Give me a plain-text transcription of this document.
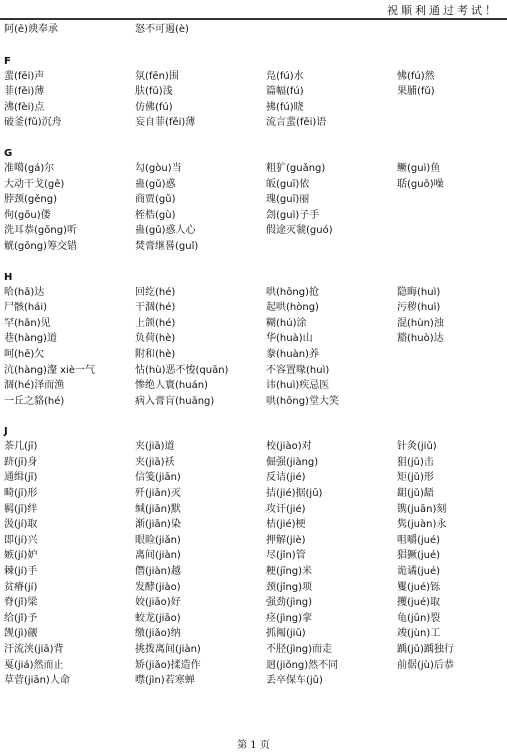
祝顺利通过考试！
阿(ē)谀奉承	怒不可遏(è)
F
蜚(fēi)声	氛(fēn)围	凫(fú)水	怫(fú)然
菲(fěi)薄	肤(fū)浅	篇幅(fú)	果脯(fǔ)
沸(fèi)点	仿佛(fú)	拂(fú)晓
破釜(fǔ)沉舟	妄自菲(fěi)薄	流言蜚(fēi)语
G
准噶(gá)尔	勾(gòu)当	粗犷(guǎng)	鳜(guì)鱼
大动干戈(gē)	蛊(gǔ)惑	皈(guī)依	聒(guō)噪
脖颈(gěng)	商贾(gǔ)	瑰(guī)丽
佝(gōu)偻	桎梏(gù)	刽(guì)子手
洗耳恭(gōng)听	蛊(gǔ)惑人心	假途灭虢(guó)
觥(gōng)筹交错	焚膏继晷(guǐ)
H
哈(hǎ)达	回纥(hé)	哄(hōng)抢	隐晦(huì)
尸骸(hái)	干涸(hé)	起哄(hòng)	污秽(huì)
罕(hǎn)见	上颌(hé)	糊(hú)涂	混(hùn)浊
巷(hàng)道	负荷(hè)	华(huà)山	豁(huò)达
呵(hē)欠	附和(hè)	豢(huàn)养
沆(hàng)瀣 xiè一气	怙(hù)恶不悛(quān)	不容置喙(huì)
涸(hé)泽而渔	惨绝人寰(huán)	讳(huì)疾忌医
一丘之貉(hé)	病入膏肓(huāng)	哄(hōng)堂大笑
J
茶几(jī)	夹(jiā)道	校(jiào)对	针灸(jiǔ)
跻(jī)身	夹(jiā)袄	倔强(jiàng)	狙(jū)击
通缉(jī)	信笺(jiān)	反诘(jié)	矩(jǔ)形
畸(jī)形	歼(jiān)灭	拮(jié)据(jū)	龃(jǔ)龉
羁(jī)绊	缄(jiān)默	攻讦(jié)	镌(juān)刻
汲(jí)取	渐(jiān)染	桔(jié)梗	隽(juàn)永
即(jí)兴	眼睑(jiǎn)	押解(jiè)	咀嚼(jué)
嫉(jí)妒	离间(jiàn)	尽(jǐn)管	猖獗(jué)
棘(jí)手	僭(jiàn)越	粳(jīng)米	诡谲(jué)
贫瘠(jí)	发酵(jiào)	颈(jǐng)项	矍(jué)铄
脊(jǐ)梁	姣(jiāo)好	强劲(jìng)	攫(jué)取
给(jǐ)予	蛟龙(jiāo)	痉(jìng)挛	龟(jūn)裂
觊(jì)觎	缴(jiǎo)纳	抓阄(jiū)	竣(jùn)工
汗流浃(jiā)背	挑拨离间(jiàn)	不胫(jìng)而走	踽(jǔ)踽独行
戛(jiá)然而止	矫(jiǎo)揉造作	迥(jiǒng)然不同	前倨(jù)后恭
草菅(jiān)人命	噤(jìn)若寒蝉	丢卒保车(jū)
第 1 页
